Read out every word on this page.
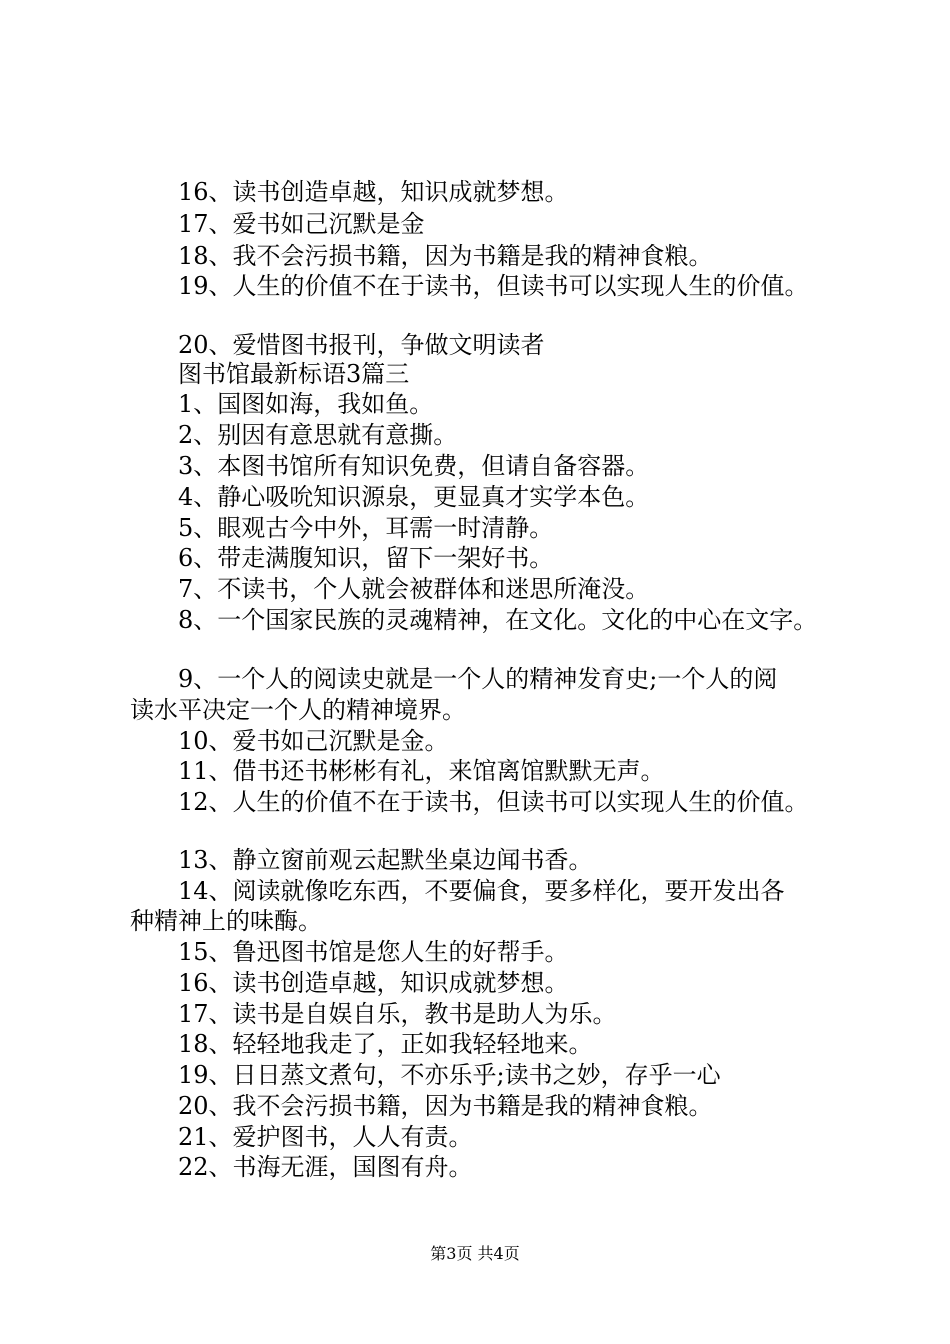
16、读书创造卓越，知识成就梦想。
17、爱书如己沉默是金
18、我不会污损书籍，因为书籍是我的精神食粮。
19、人生的价值不在于读书，但读书可以实现人生的价值。
20、爱惜图书报刊，争做文明读者
图书馆最新标语3篇三
1、国图如海，我如鱼。
2、别因有意思就有意撕。
3、本图书馆所有知识免费，但请自备容器。
4、静心吸吮知识源泉，更显真才实学本色。
5、眼观古今中外，耳需一时清静。
6、带走满腹知识，留下一架好书。
7、不读书，个人就会被群体和迷思所淹没。
8、一个国家民族的灵魂精神，在文化。文化的中心在文字。
9、一个人的阅读史就是一个人的精神发育史;一个人的阅
读水平决定一个人的精神境界。
10、爱书如己沉默是金。
11、借书还书彬彬有礼，来馆离馆默默无声。
12、人生的价值不在于读书，但读书可以实现人生的价值。
13、静立窗前观云起默坐桌边闻书香。
14、阅读就像吃东西，不要偏食，要多样化，要开发出各
种精神上的味酶。
15、鲁迅图书馆是您人生的好帮手。
16、读书创造卓越，知识成就梦想。
17、读书是自娱自乐，教书是助人为乐。
18、轻轻地我走了，正如我轻轻地来。
19、日日蒸文煮句，不亦乐乎;读书之妙，存乎一心
20、我不会污损书籍，因为书籍是我的精神食粮。
21、爱护图书，人人有责。
22、书海无涯，国图有舟。
第3页 共4页
